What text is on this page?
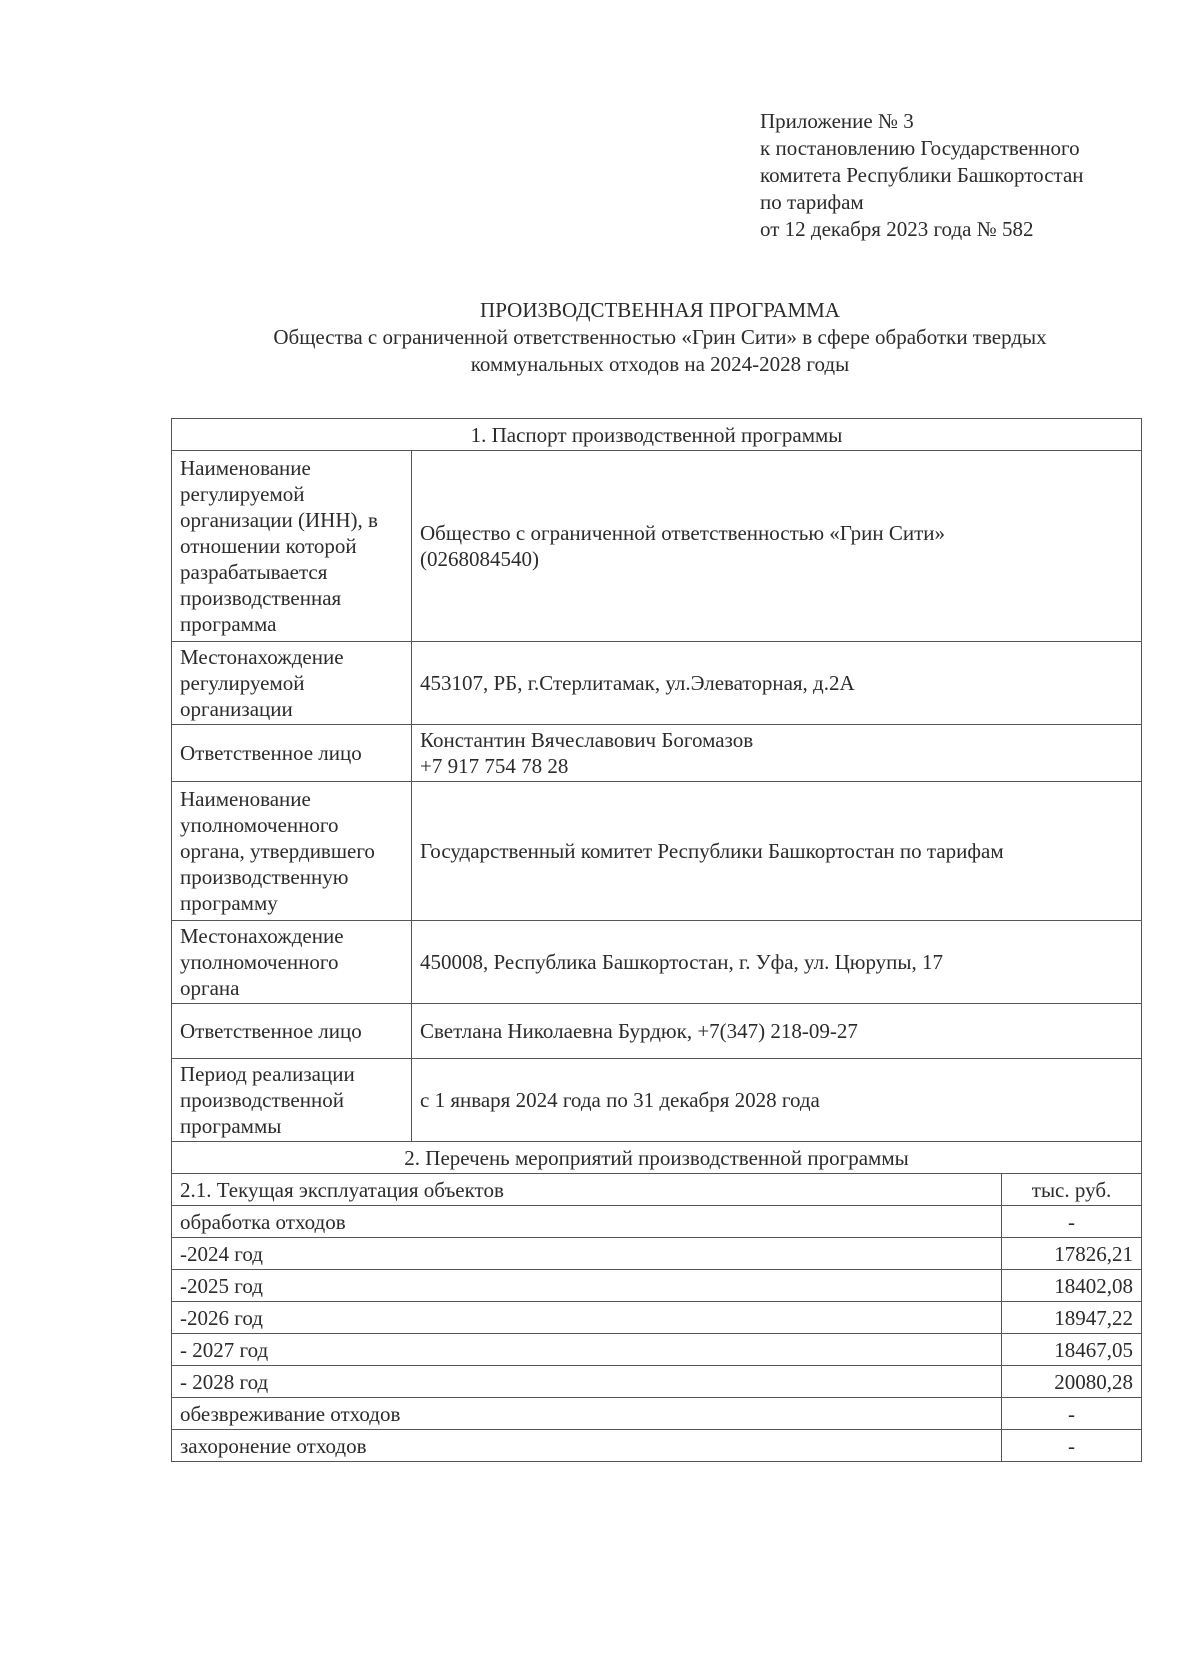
Приложение № 3
к постановлению Государственного
комитета Республики Башкортостан
по тарифам
от 12 декабря 2023 года № 582
ПРОИЗВОДСТВЕННАЯ ПРОГРАММА
Общества с ограниченной ответственностью «Грин Сити» в сфере обработки твердых
коммунальных отходов на 2024-2028 годы
1. Паспорт производственной программы		
Наименование регулируемой организации (ИНН), в отношении которой разрабатывается производственная программа	Общество с ограниченной ответственностью «Грин Сити»
(0268084540)	

Местонахождение регулируемой организации	453107, РБ, г.Стерлитамак, ул.Элеваторная, д.2А	
Ответственное лицо	Константин Вячеславович Богомазов
+7 917 754 78 28	

Наименование уполномоченного органа, утвердившего производственную программу	Государственный комитет Республики Башкортостан по тарифам	
Местонахождение уполномоченного органа	450008, Республика Башкортостан, г. Уфа, ул. Цюрупы, 17	
Ответственное лицо	Светлана Николаевна Бурдюк, +7(347) 218-09-27	
Период реализации производственной программы	с 1 января 2024 года по 31 декабря 2028 года	
2. Перечень мероприятий производственной программы		
2.1. Текущая эксплуатация объектов		тыс. руб.
обработка отходов		-
-2024 год		17826,21
-2025 год		18402,08
-2026 год		18947,22
- 2027 год		18467,05
- 2028 год		20080,28
обезвреживание отходов		-
захоронение отходов		-
